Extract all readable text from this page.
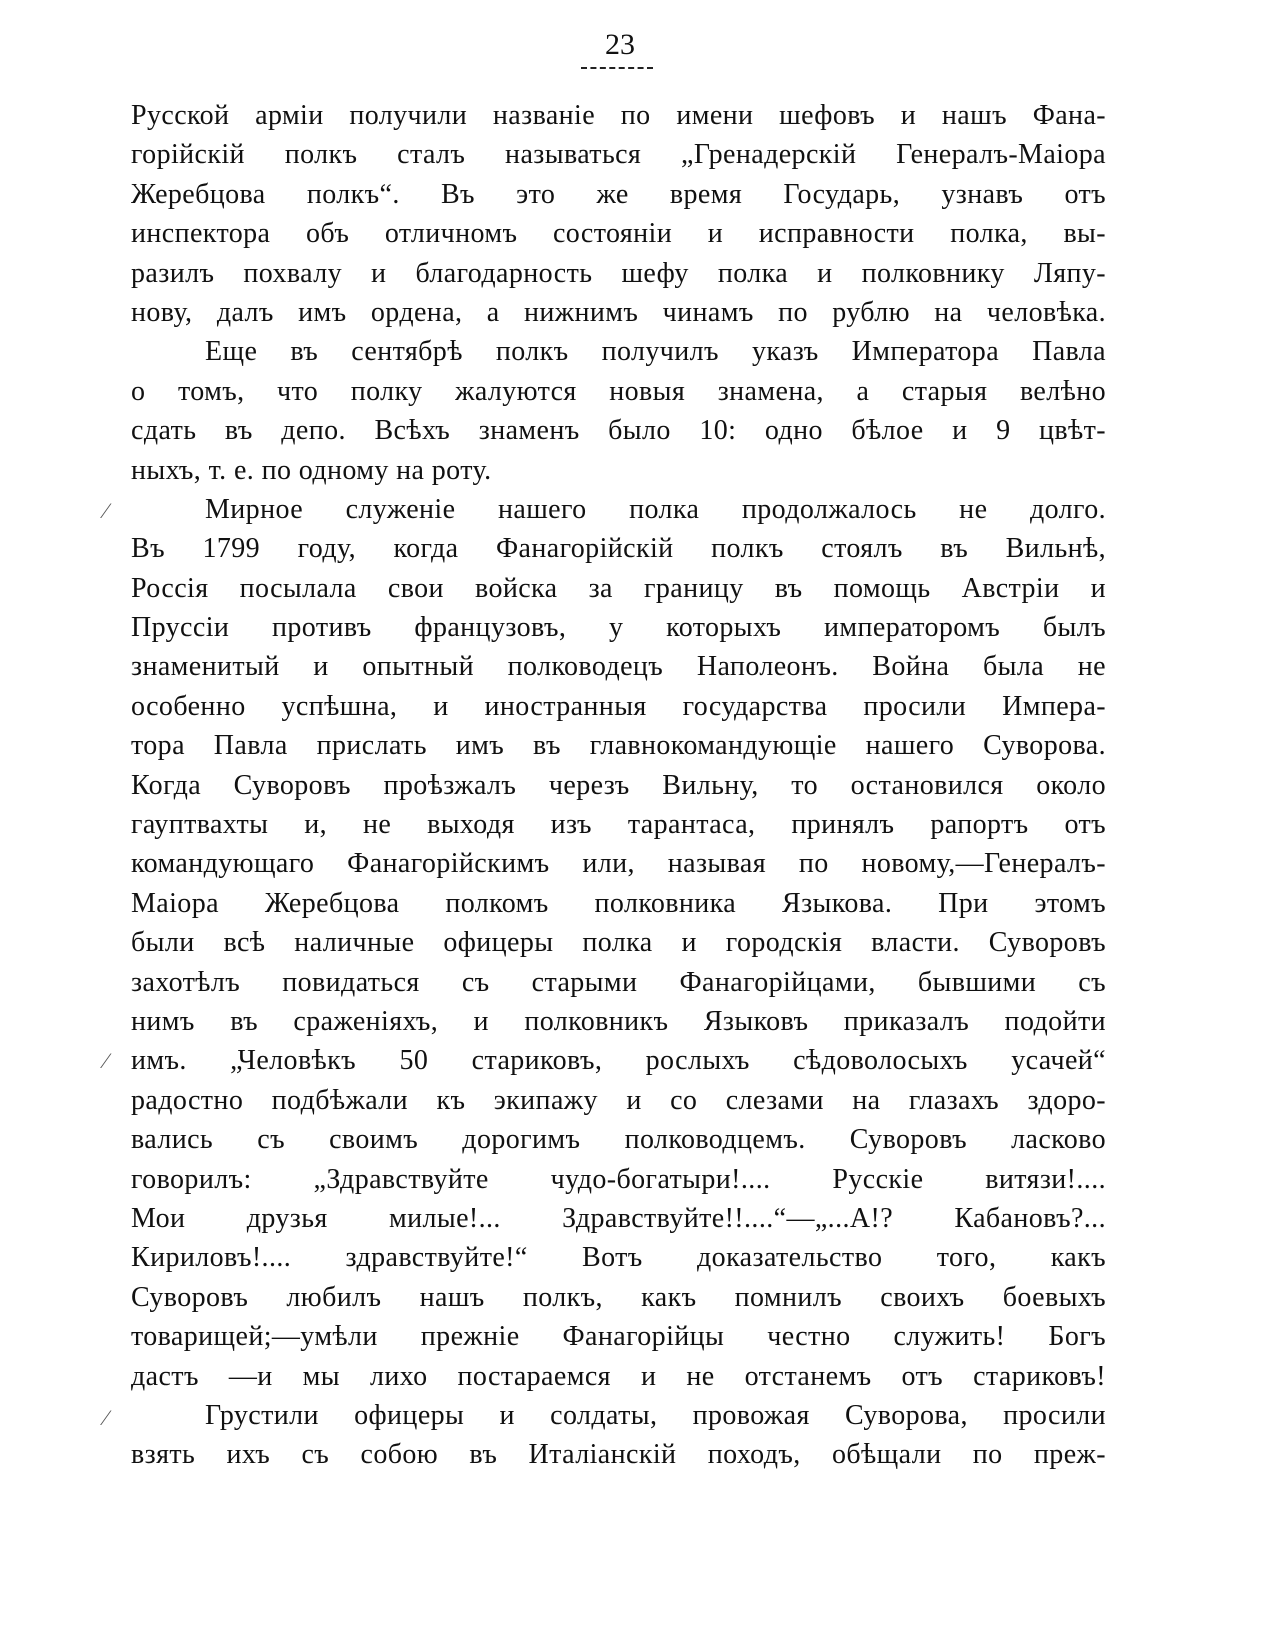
23
⁄
⁄
⁄
Русской арміи получили названіе по имени шефовъ и нашъ Фана-
горійскій полкъ сталъ называться „Гренадерскій Генералъ-Маіора
Жеребцова полкъ“. Въ это же время Государь, узнавъ отъ
инспектора объ отличномъ состояніи и исправности полка, вы-
разилъ похвалу и благодарность шефу полка и полковнику Ляпу-
нову, далъ имъ ордена, а нижнимъ чинамъ по рублю на человѣка.
Еще въ сентябрѣ полкъ получилъ указъ Императора Павла
о томъ, что полку жалуются новыя знамена, а старыя велѣно
сдать въ депо. Всѣхъ знаменъ было 10: одно бѣлое и 9 цвѣт-
ныхъ, т. е. по одному на роту.
Мирное служеніе нашего полка продолжалось не долго.
Въ 1799 году, когда Фанагорійскій полкъ стоялъ въ Вильнѣ,
Россія посылала свои войска за границу въ помощь Австріи и
Пруссіи противъ французовъ, у которыхъ императоромъ былъ
знаменитый и опытный полководецъ Наполеонъ. Война была не
особенно успѣшна, и иностранныя государства просили Импера-
тора Павла прислать имъ въ главнокомандующіе нашего Суворова.
Когда Суворовъ проѣзжалъ черезъ Вильну, то остановился около
гауптвахты и, не выходя изъ тарантаса, принялъ рапортъ отъ
командующаго Фанагорійскимъ или, называя по новому,—Генералъ-
Маіора Жеребцова полкомъ полковника Языкова. При этомъ
были всѣ наличные офицеры полка и городскія власти. Суворовъ
захотѣлъ повидаться съ старыми Фанагорійцами, бывшими съ
нимъ въ сраженіяхъ, и полковникъ Языковъ приказалъ подойти
имъ. „Человѣкъ 50 стариковъ, рослыхъ сѣдоволосыхъ усачей“
радостно подбѣжали къ экипажу и со слезами на глазахъ здоро-
вались съ своимъ дорогимъ полководцемъ. Суворовъ ласково
говорилъ: „Здравствуйте чудо-богатыри!.... Русскіе витязи!....
Мои друзья милые!... Здравствуйте!!....“—„...А!? Кабановъ?...
Кириловъ!.... здравствуйте!“ Вотъ доказательство того, какъ
Суворовъ любилъ нашъ полкъ, какъ помнилъ своихъ боевыхъ
товарищей;—умѣли прежніе Фанагорійцы честно служить! Богъ
дастъ —и мы лихо постараемся и не отстанемъ отъ стариковъ!
Грустили офицеры и солдаты, провожая Суворова, просили
взять ихъ съ собою въ Италіанскій походъ, обѣщали по преж-
